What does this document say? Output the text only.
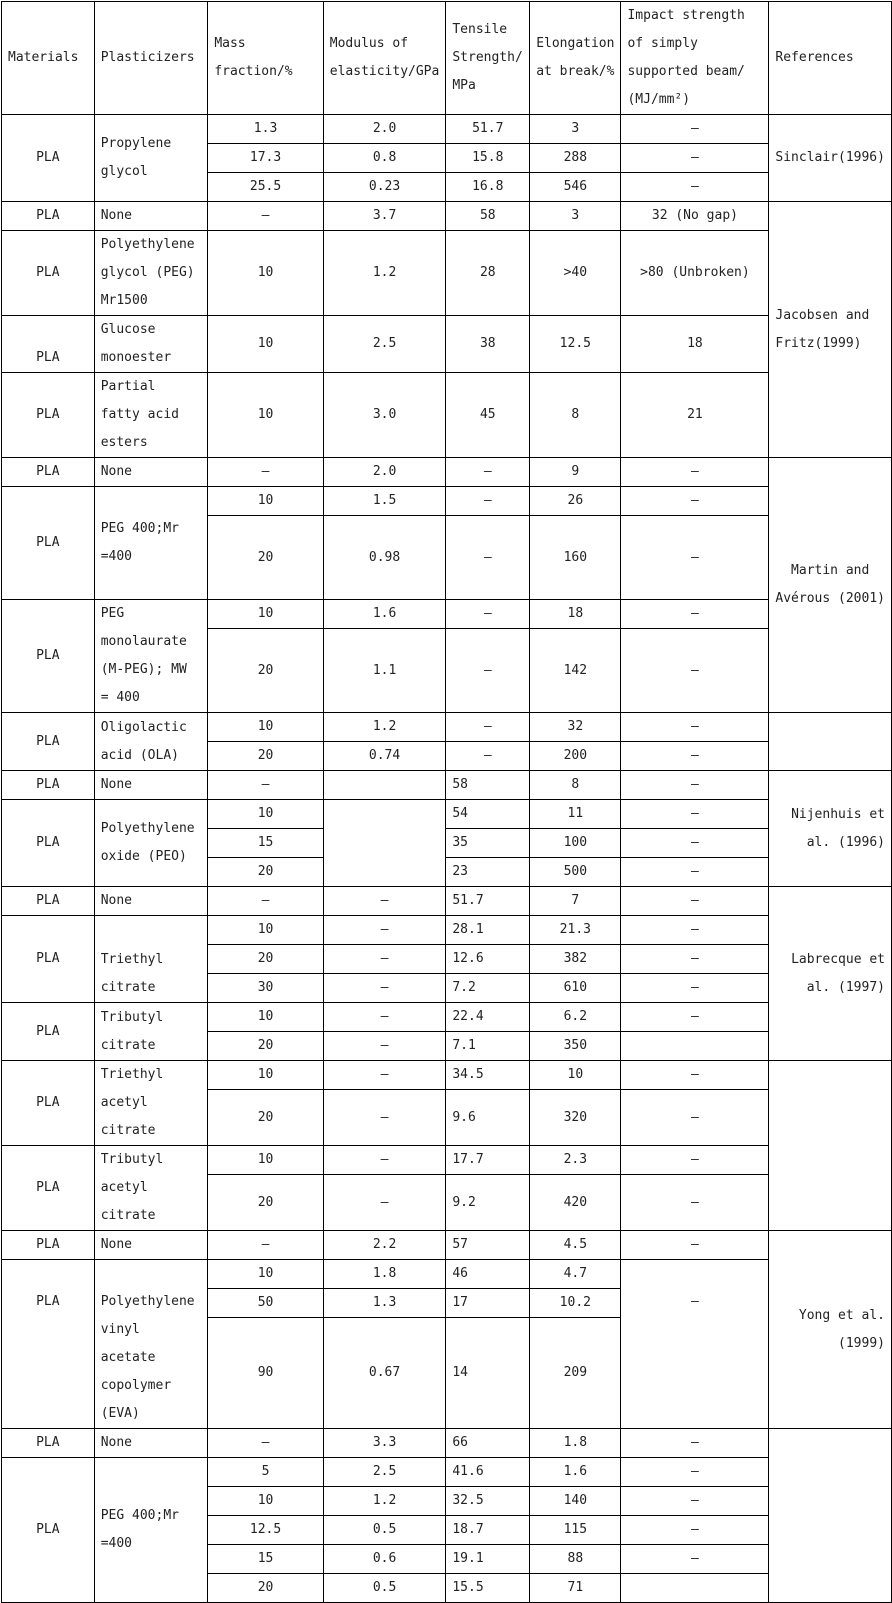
Materials	Plasticizers	Mass fraction/%	Modulus of elasticity/GPa	Tensile Strength/ MPa	Elongation at break/%	Impact strength of simply supported beam/ (MJ/mm²)	References
PLA	Propylene glycol	1.3	2.0	51.7	3	—	Sinclair(1996)
		17.3	0.8	15.8	288	—	
		25.5	0.23	16.8	546	—	
PLA	None	—	3.7	58	3	32 (No gap)	Jacobsen and Fritz(1999)
PLA	Polyethylene glycol (PEG) Mr1500	10	1.2	28	>40	>80 (Unbroken)	
PLA	Glucose monoester	10	2.5	38	12.5	18	
PLA	Partial fatty acid esters	10	3.0	45	8	21	
PLA	None	—	2.0	—	9	—	Martin and Avérous (2001)
PLA	PEG 400;Mr =400	10	1.5	—	26	—	
		20	0.98	—	160	—	
PLA	PEG monolaurate (M-PEG); MW = 400	10	1.6	—	18	—	
		20	1.1	—	142	—	
PLA	Oligolactic acid (OLA)	10	1.2	—	32	—	
		20	0.74	—	200	—	
PLA	None	—		58	8	—	Nijenhuis et al. (1996)
PLA	Polyethylene oxide (PEO)	10		54	11	—	
		15		35	100	—	
		20		23	500	—	
PLA	None	—	—	51.7	7	—	Labrecque et al. (1997)
PLA	Triethyl citrate	10	—	28.1	21.3	—	
		20	—	12.6	382	—	
		30	—	7.2	610	—	
PLA	Tributyl citrate	10	—	22.4	6.2	—	
		20	—	7.1	350		
PLA	Triethyl acetyl citrate	10	—	34.5	10	—	
		20	—	9.6	320	—	
PLA	Tributyl acetyl citrate	10	—	17.7	2.3	—	
		20	—	9.2	420	—	
PLA	None	—	2.2	57	4.5	—	Yong et al. (1999)
PLA	Polyethylene vinyl acetate copolymer (EVA)	10	1.8	46	4.7	—	
		50	1.3	17	10.2		
		90	0.67	14	209		
PLA	None	—	3.3	66	1.8	—	
PLA	PEG 400;Mr =400	5	2.5	41.6	1.6	—	
		10	1.2	32.5	140	—	
		12.5	0.5	18.7	115	—	
		15	0.6	19.1	88	—	
		20	0.5	15.5	71		
